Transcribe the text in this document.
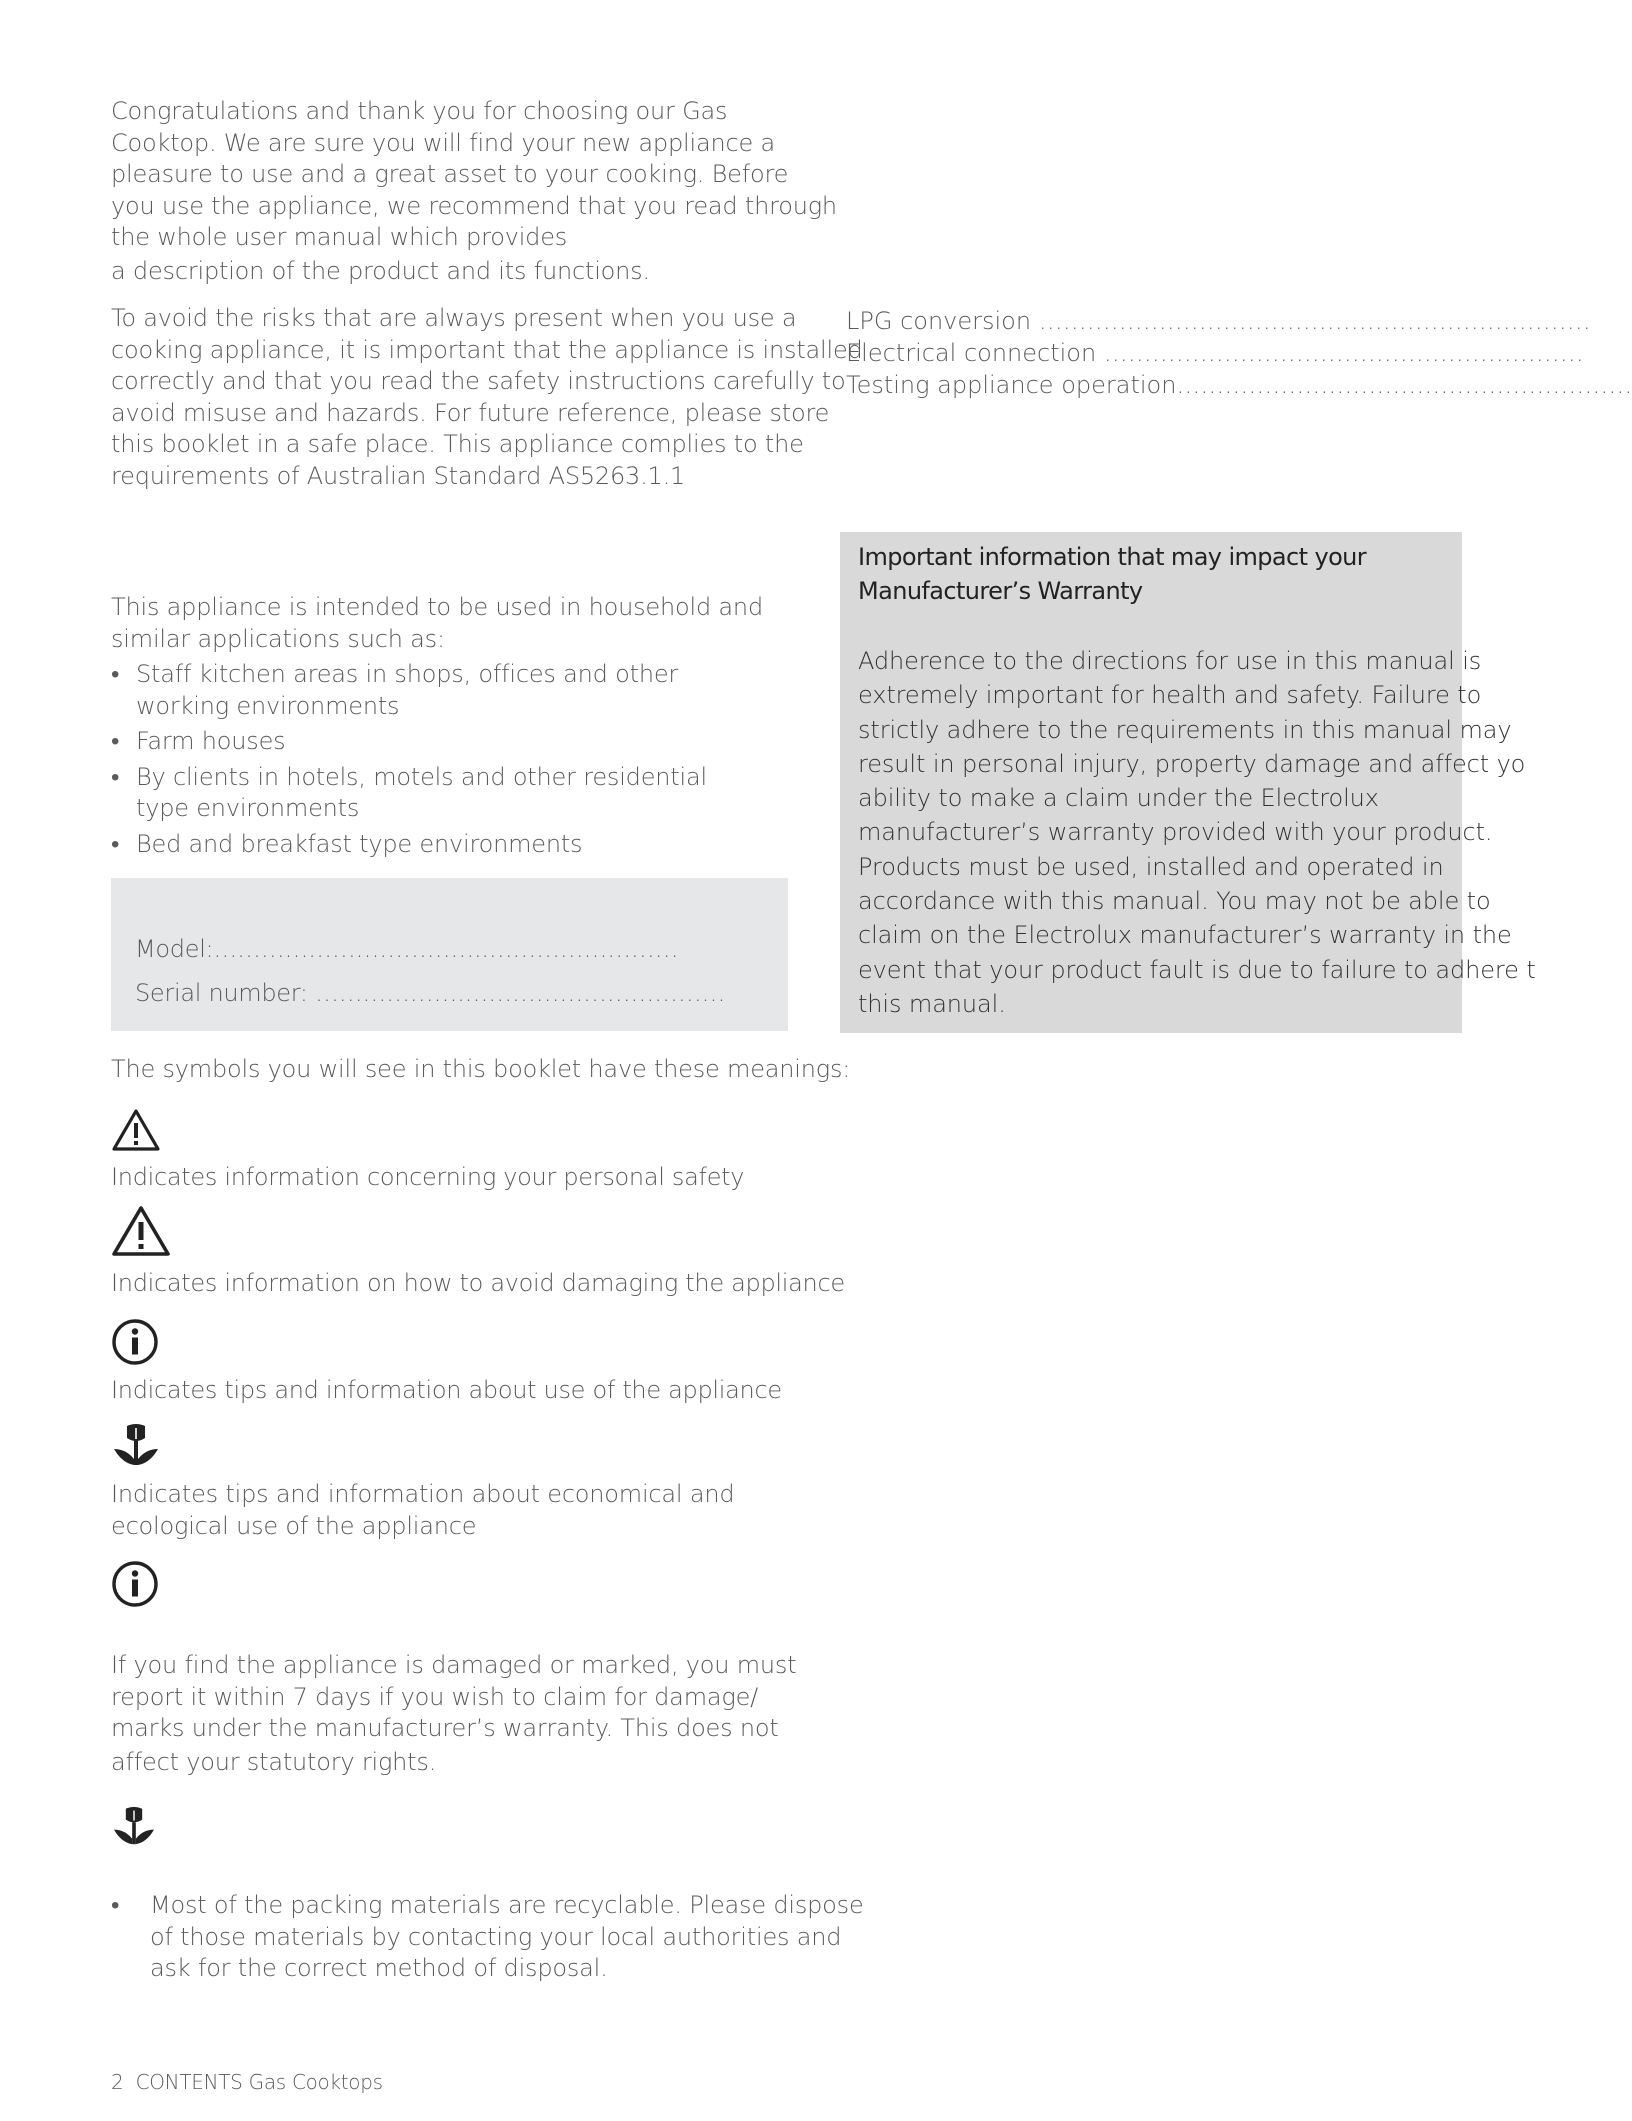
Congratulations and thank you for choosing our Gas
Cooktop. We are sure you will find your new appliance a
pleasure to use and a great asset to your cooking. Before
you use the appliance, we recommend that you read through
the whole user manual which provides
a description of the product and its functions.
To avoid the risks that are always present when you use a
cooking appliance, it is important that the appliance is installed
correctly and that you read the safety instructions carefully to
avoid misuse and hazards. For future reference, please store
this booklet in a safe place. This appliance complies to the
requirements of Australian Standard AS5263.1.1
This appliance is intended to be used in household and
similar applications such as:
• Staff kitchen areas in shops, offices and other
working environments
• Farm houses
• By clients in hotels, motels and other residential
type environments
• Bed and breakfast type environments
Model:……………………………..……………………
Serial number: ……………….……………………………
The symbols you will see in this booklet have these meanings:
Indicates information concerning your personal safety
Indicates information on how to avoid damaging the appliance
Indicates tips and information about use of the appliance
Indicates tips and information about economical and
ecological use of the appliance
If you find the appliance is damaged or marked, you must
report it within 7 days if you wish to claim for damage/
marks under the manufacturer’s warranty. This does not
affect your statutory rights.
• Most of the packing materials are recyclable. Please dispose
of those materials by contacting your local authorities and
ask for the correct method of disposal.
2 CONTENTS Gas Cooktops
LPG conversion ……………………………………………………………
Electrical connection ……………………………………………………
Testing appliance operation…………………………………………………
Important information that may impact your
Manufacturer’s Warranty
Adherence to the directions for use in this manual is
extremely important for health and safety. Failure to
strictly adhere to the requirements in this manual may
result in personal injury, property damage and affect yo
ability to make a claim under the Electrolux
manufacturer’s warranty provided with your product.
Products must be used, installed and operated in
accordance with this manual. You may not be able to
claim on the Electrolux manufacturer’s warranty in the
event that your product fault is due to failure to adhere t
this manual.
